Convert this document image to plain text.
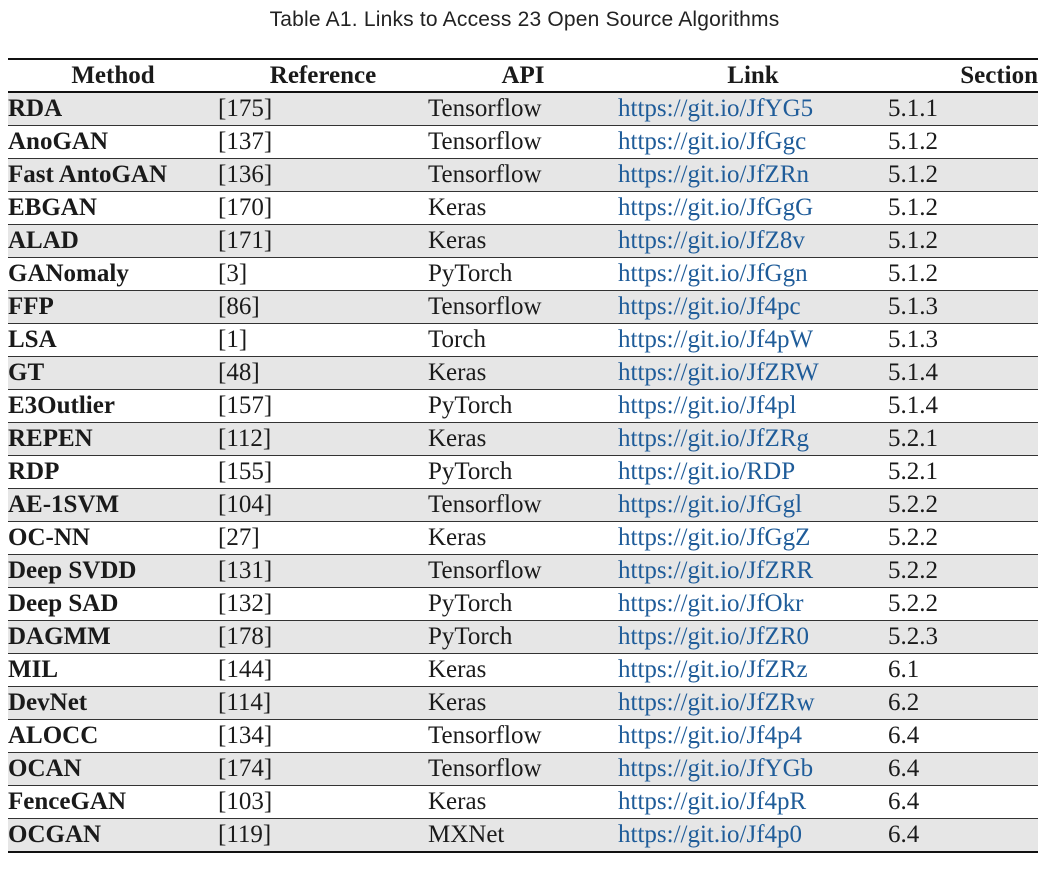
Table A1. Links to Access 23 Open Source Algorithms
Method	Reference	API	Link	Section
RDA	[175]	Tensorflow	https://git.io/JfYG5	5.1.1
AnoGAN	[137]	Tensorflow	https://git.io/JfGgc	5.1.2
Fast AntoGAN	[136]	Tensorflow	https://git.io/JfZRn	5.1.2
EBGAN	[170]	Keras	https://git.io/JfGgG	5.1.2
ALAD	[171]	Keras	https://git.io/JfZ8v	5.1.2
GANomaly	[3]	PyTorch	https://git.io/JfGgn	5.1.2
FFP	[86]	Tensorflow	https://git.io/Jf4pc	5.1.3
LSA	[1]	Torch	https://git.io/Jf4pW	5.1.3
GT	[48]	Keras	https://git.io/JfZRW	5.1.4
E3Outlier	[157]	PyTorch	https://git.io/Jf4pl	5.1.4
REPEN	[112]	Keras	https://git.io/JfZRg	5.2.1
RDP	[155]	PyTorch	https://git.io/RDP	5.2.1
AE-1SVM	[104]	Tensorflow	https://git.io/JfGgl	5.2.2
OC-NN	[27]	Keras	https://git.io/JfGgZ	5.2.2
Deep SVDD	[131]	Tensorflow	https://git.io/JfZRR	5.2.2
Deep SAD	[132]	PyTorch	https://git.io/JfOkr	5.2.2
DAGMM	[178]	PyTorch	https://git.io/JfZR0	5.2.3
MIL	[144]	Keras	https://git.io/JfZRz	6.1
DevNet	[114]	Keras	https://git.io/JfZRw	6.2
ALOCC	[134]	Tensorflow	https://git.io/Jf4p4	6.4
OCAN	[174]	Tensorflow	https://git.io/JfYGb	6.4
FenceGAN	[103]	Keras	https://git.io/Jf4pR	6.4
OCGAN	[119]	MXNet	https://git.io/Jf4p0	6.4
